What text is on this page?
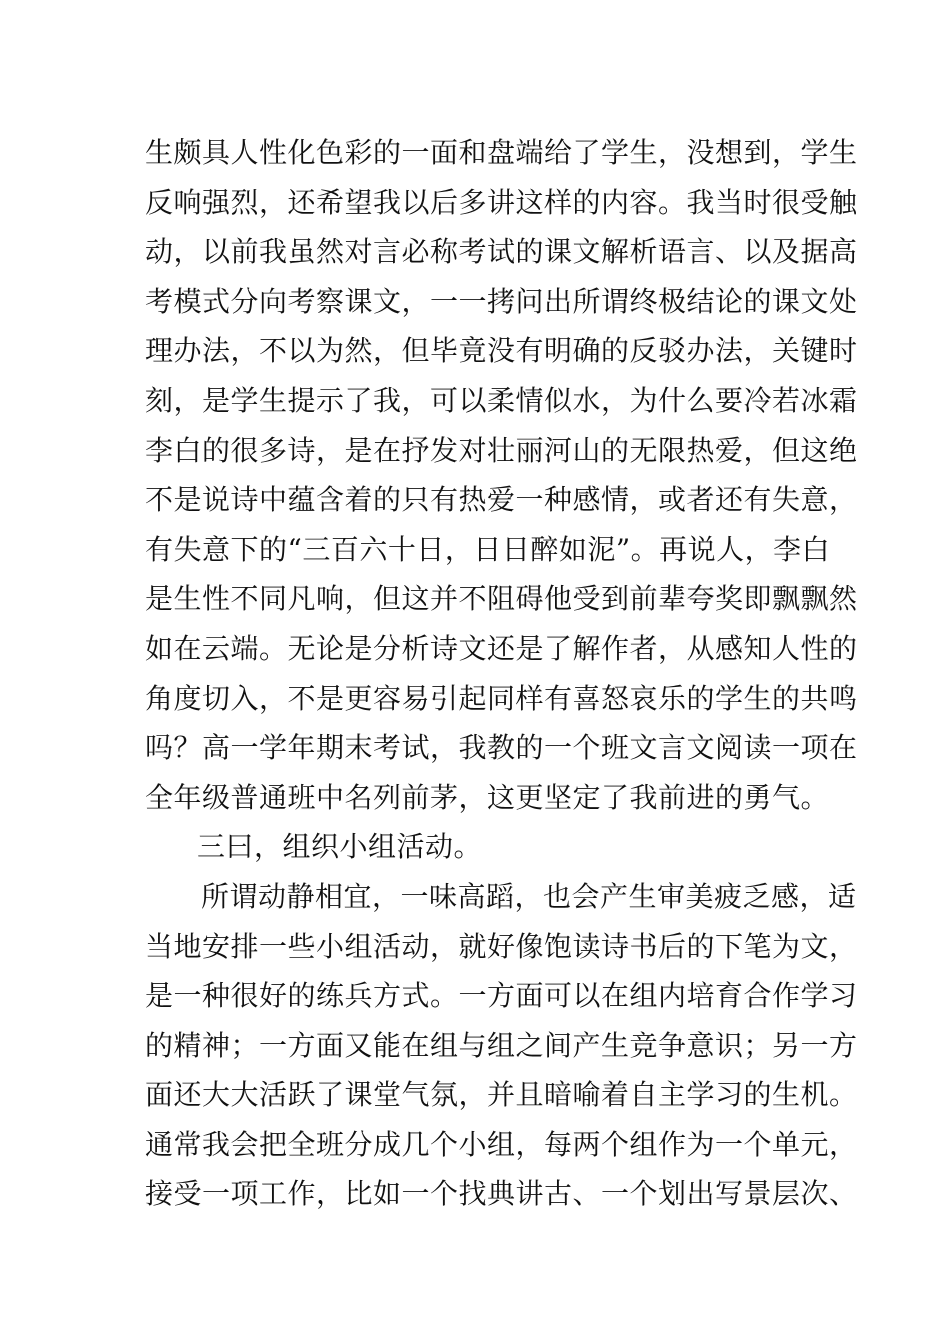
生颇具人性化色彩的一面和盘端给了学生，没想到，学生
反响强烈，还希望我以后多讲这样的内容。我当时很受触
动，以前我虽然对言必称考试的课文解析语言、以及据高
考模式分向考察课文，一一拷问出所谓终极结论的课文处
理办法，不以为然，但毕竟没有明确的反驳办法，关键时
刻，是学生提示了我，可以柔情似水，为什么要冷若冰霜
李白的很多诗，是在抒发对壮丽河山的无限热爱，但这绝
不是说诗中蕴含着的只有热爱一种感情，或者还有失意，
有失意下的“三百六十日，日日醉如泥”。再说人，李白
是生性不同凡响，但这并不阻碍他受到前辈夸奖即飘飘然
如在云端。无论是分析诗文还是了解作者，从感知人性的
角度切入，不是更容易引起同样有喜怒哀乐的学生的共鸣
吗？高一学年期末考试，我教的一个班文言文阅读一项在
全年级普通班中名列前茅，这更坚定了我前进的勇气。
三曰，组织小组活动。
所谓动静相宜，一味高蹈，也会产生审美疲乏感，适
当地安排一些小组活动，就好像饱读诗书后的下笔为文，
是一种很好的练兵方式。一方面可以在组内培育合作学习
的精神；一方面又能在组与组之间产生竞争意识；另一方
面还大大活跃了课堂气氛，并且暗喻着自主学习的生机。
通常我会把全班分成几个小组，每两个组作为一个单元，
接受一项工作，比如一个找典讲古、一个划出写景层次、
